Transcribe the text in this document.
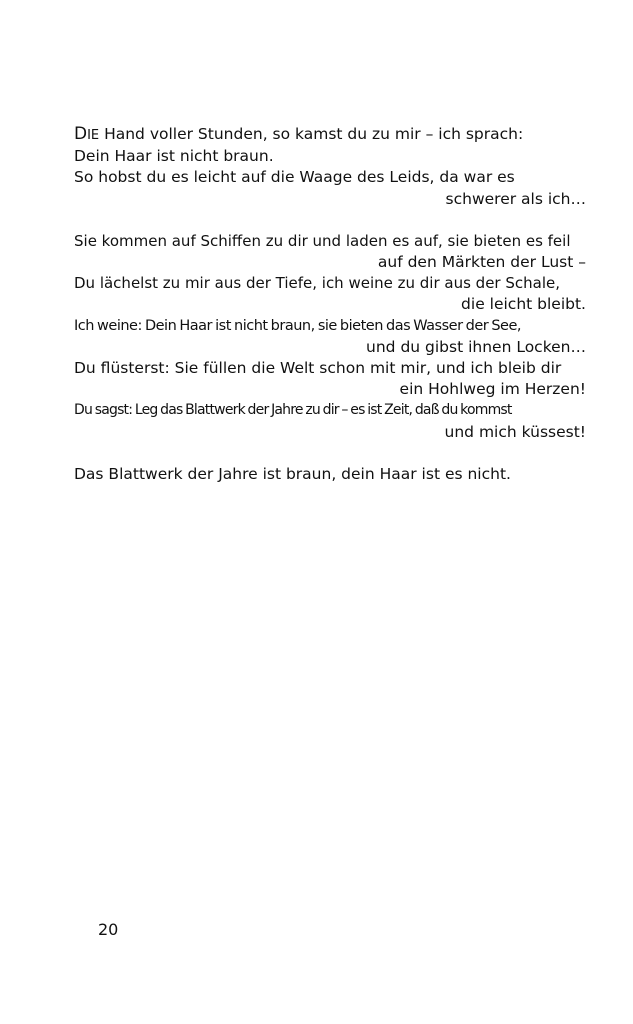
DIE Hand voller Stunden, so kamst du zu mir – ich sprach:
Dein Haar ist nicht braun.
So hobst du es leicht auf die Waage des Leids, da war es
schwerer als ich…
Sie kommen auf Schiffen zu dir und laden es auf, sie bieten es feil
auf den Märkten der Lust –
Du lächelst zu mir aus der Tiefe, ich weine zu dir aus der Schale,
die leicht bleibt.
Ich weine: Dein Haar ist nicht braun, sie bieten das Wasser der See,
und du gibst ihnen Locken…
Du flüsterst: Sie füllen die Welt schon mit mir, und ich bleib dir
ein Hohlweg im Herzen!
Du sagst: Leg das Blattwerk der Jahre zu dir – es ist Zeit, daß du kommst
und mich küssest!
Das Blattwerk der Jahre ist braun, dein Haar ist es nicht.
20
